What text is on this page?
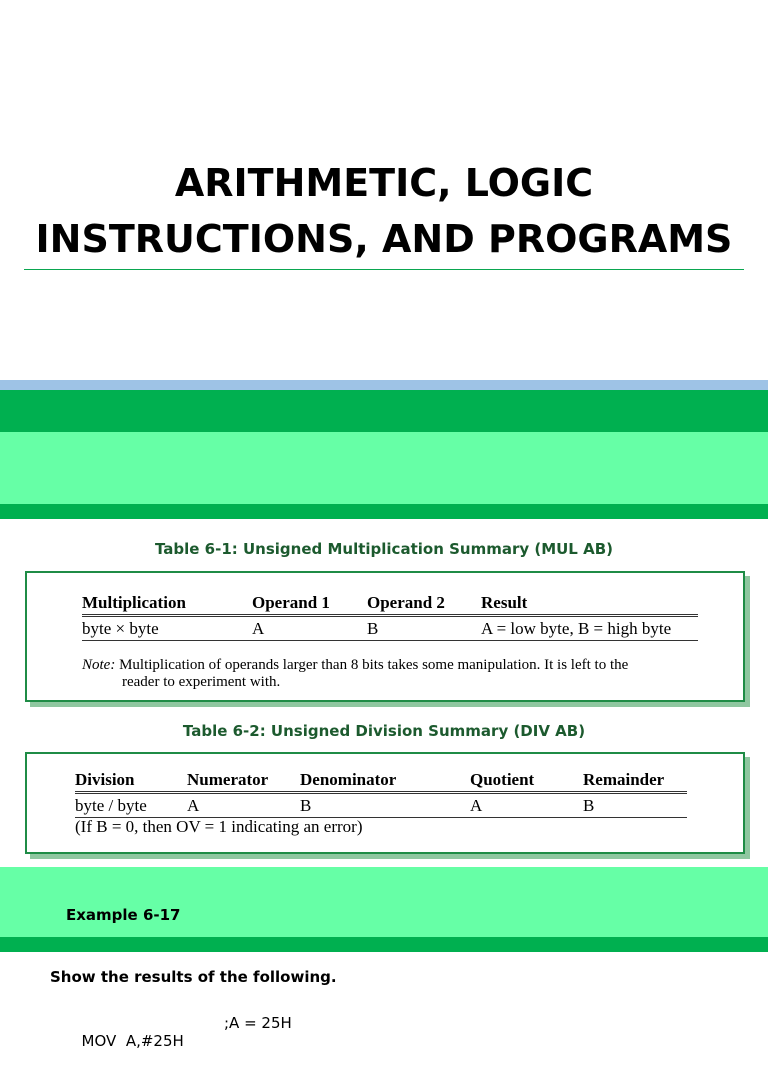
ARITHMETIC, LOGIC
INSTRUCTIONS, AND PROGRAMS
Table 6-1: Unsigned Multiplication Summary (MUL AB)
Multiplication	Operand 1	Operand 2	Result
byte × byte	A	B	A = low byte, B = high byte
Note: Multiplication of operands larger than 8 bits takes some manipulation. It is left to the
reader to experiment with.
Table 6-2: Unsigned Division Summary (DIV AB)
Division	Numerator	Denominator	Quotient	Remainder
byte / byte	A	B	A	B
(If B = 0, then OV = 1 indicating an error)
Example 6-17
Show the results of the following.

MOV  A,#25H

;A = 25H
